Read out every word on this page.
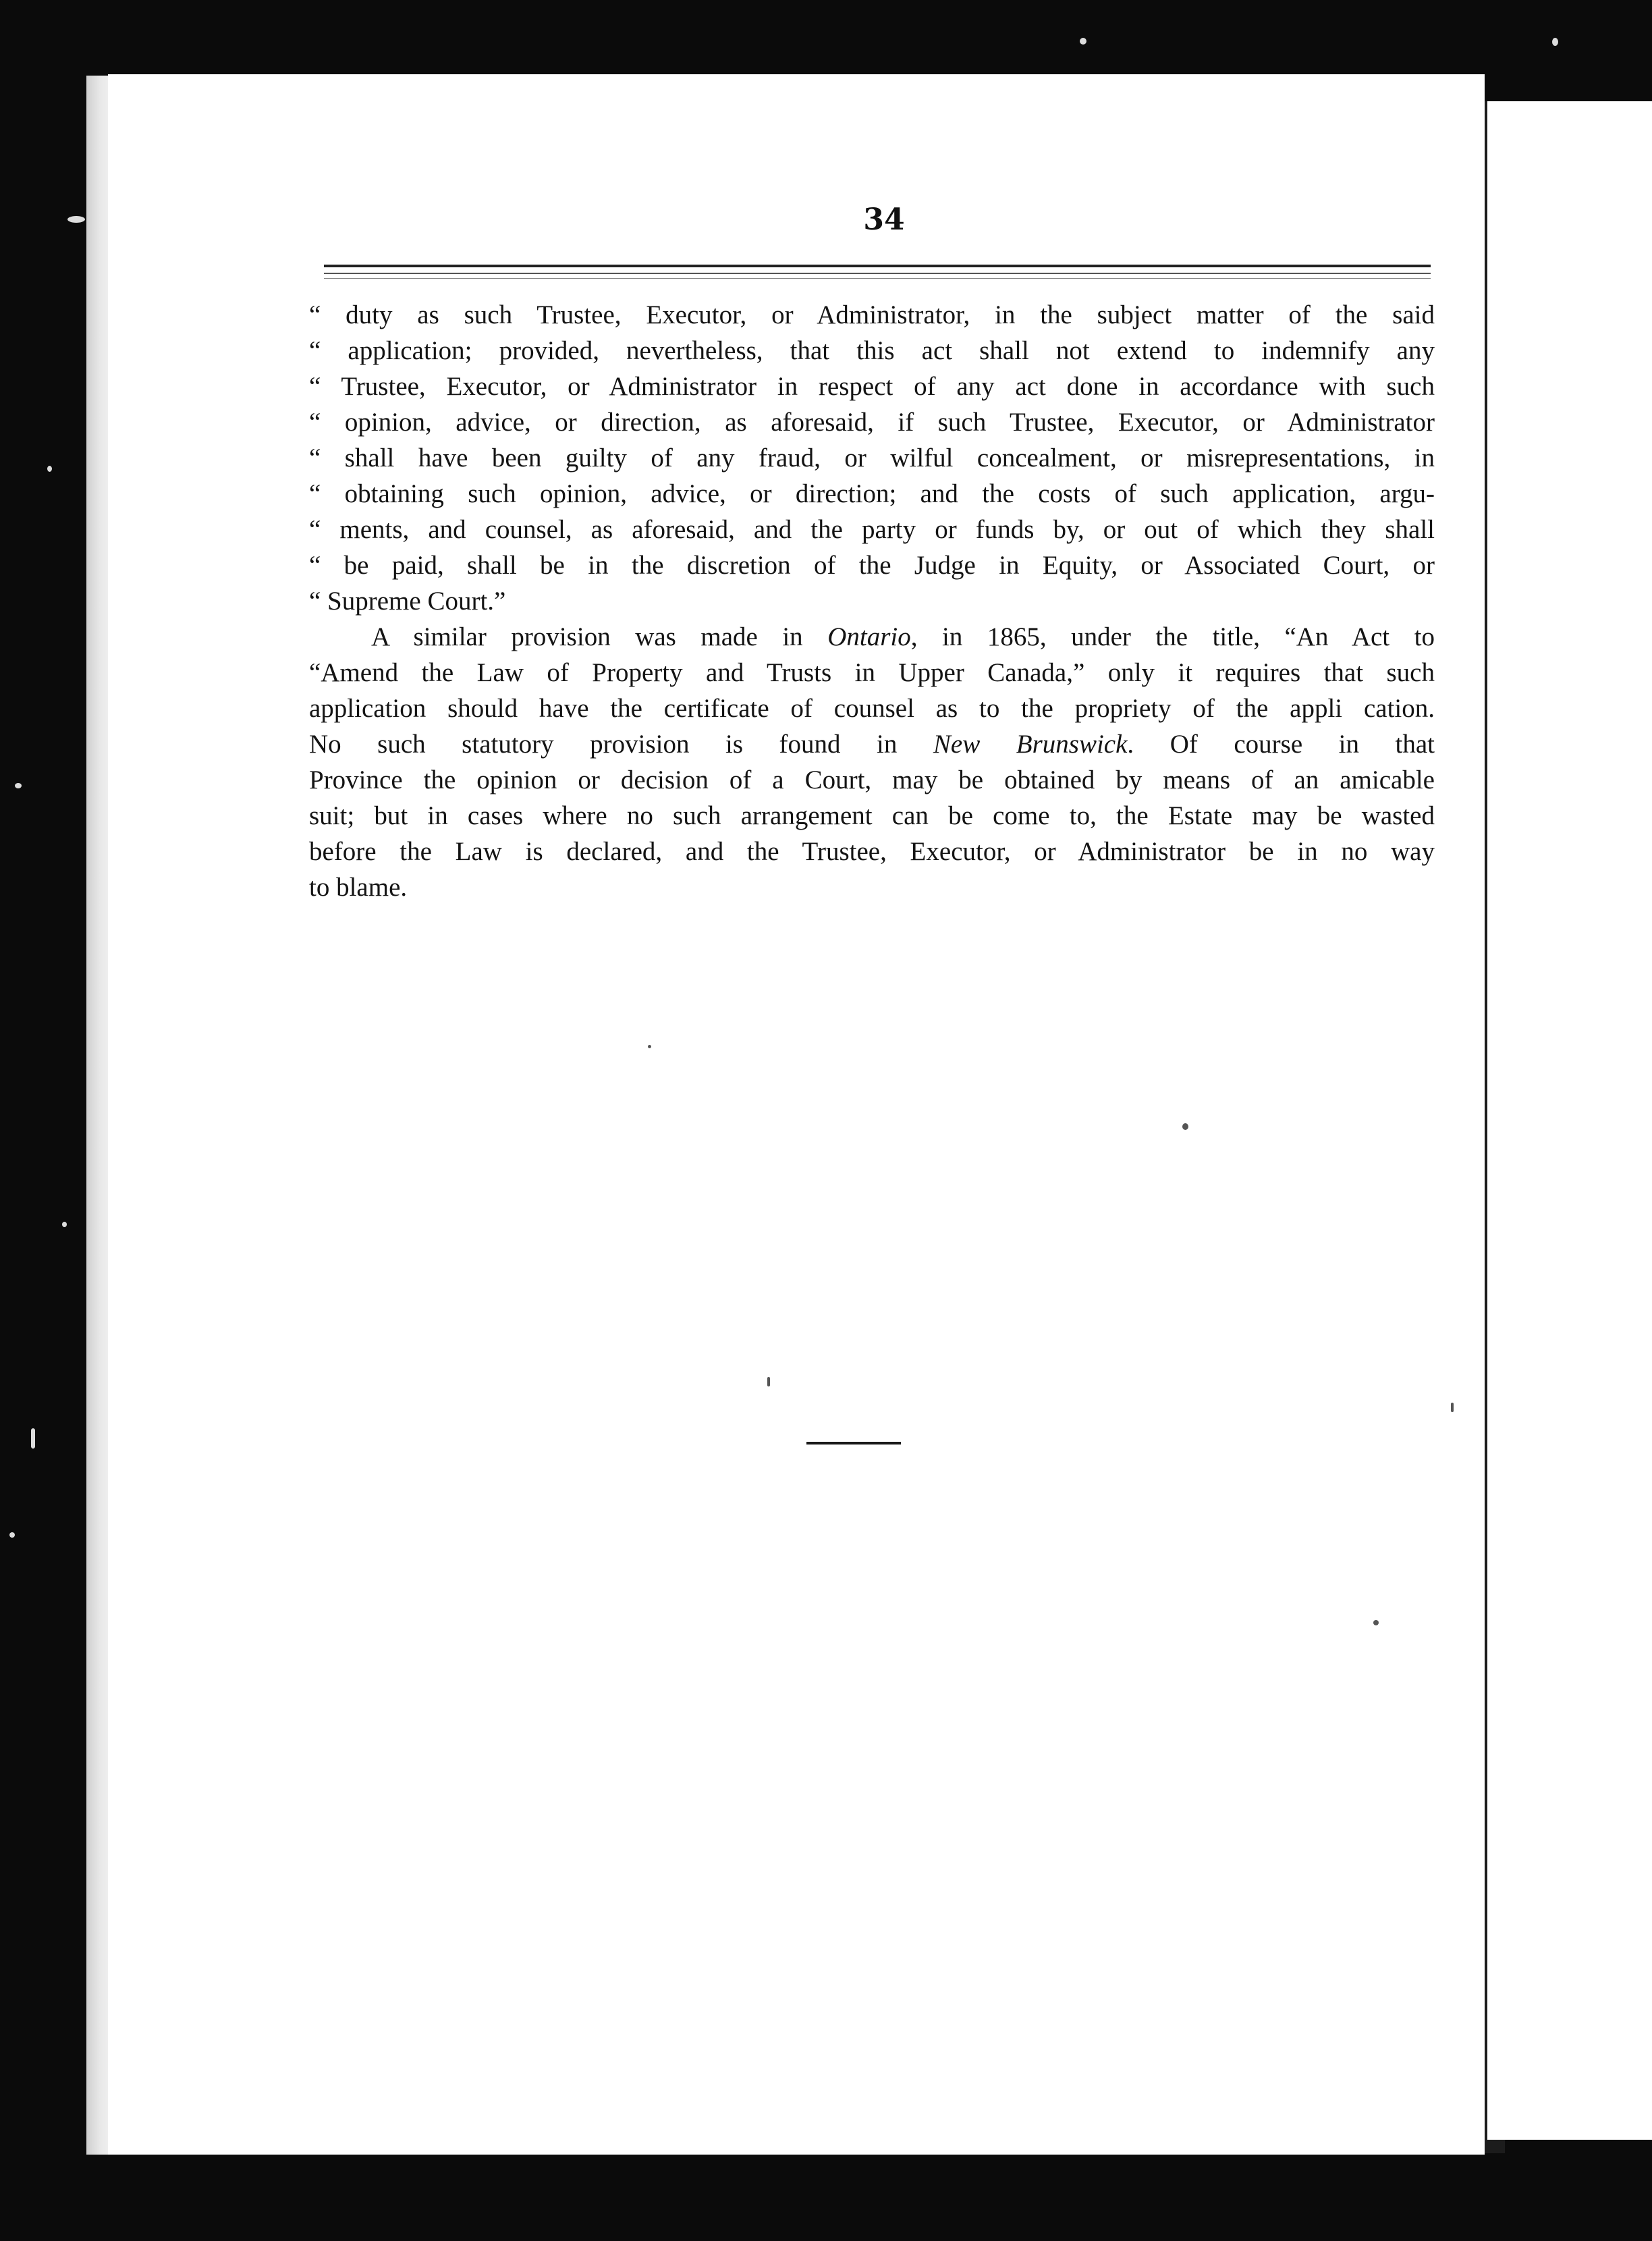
34

“ duty as such Trustee, Executor, or Administrator, in the subject matter of the said

“ application; provided, nevertheless, that this act shall not extend to indemnify any

“ Trustee, Executor, or Administrator in respect of any act done in accordance with such

“ opinion, advice, or direction, as aforesaid, if such Trustee, Executor, or Administrator

“ shall have been guilty of any fraud, or wilful concealment, or misrepresentations, in

“ obtaining such opinion, advice, or direction; and the costs of such application, argu-

“ ments, and counsel, as aforesaid, and the party or funds by, or out of which they shall

“ be paid, shall be in the discretion of the Judge in Equity, or Associated Court, or

“ Supreme Court.”

A similar provision was made in Ontario, in 1865, under the title, “An Act to

“Amend the Law of Property and Trusts in Upper Canada,” only it requires that such

application should have the certificate of counsel as to the propriety of the appli cation.

No such statutory provision is found in New Brunswick. Of course in that

Province the opinion or decision of a Court, may be obtained by means of an amicable

suit; but in cases where no such arrangement can be come to, the Estate may be wasted

before the Law is declared, and the Trustee, Executor, or Administrator be in no way

to blame.
